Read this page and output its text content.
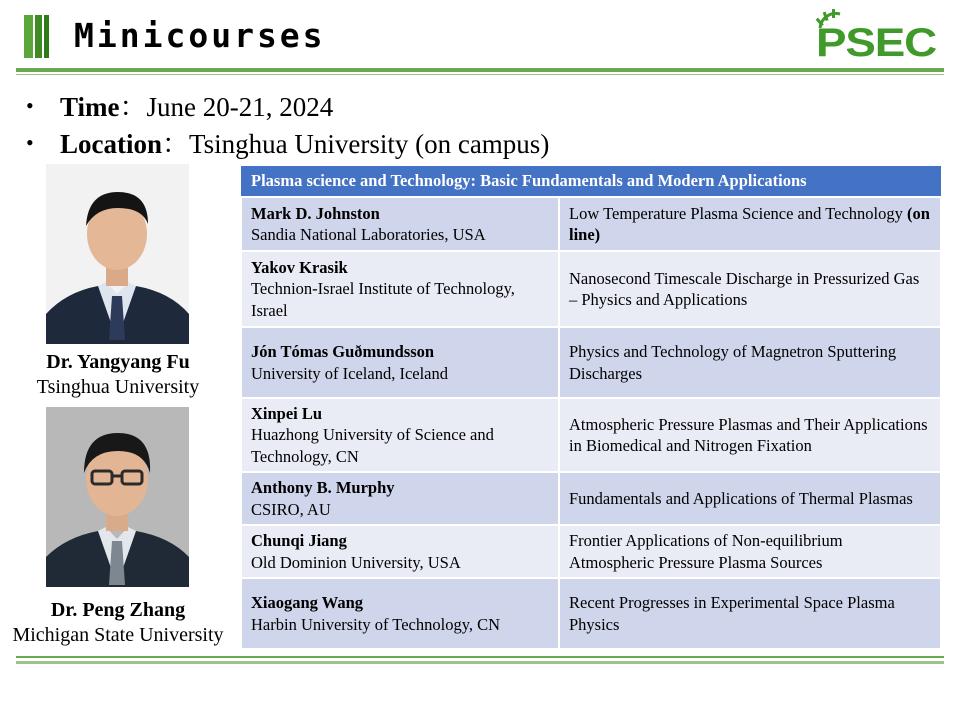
Minicourses	PSEC
• Time：June 20-21, 2024
• Location：Tsinghua University (on campus)
Dr. Yangyang Fu
Tsinghua University
Dr. Peng Zhang
Michigan State University
Plasma science and Technology: Basic Fundamentals and Modern Applications	
Mark D. Johnston
Sandia National Laboratories, USA	Low Temperature Plasma Science and Technology (on line)
Yakov Krasik
Technion-Israel Institute of Technology, Israel	Nanosecond Timescale Discharge in Pressurized Gas – Physics and Applications
Jón Tómas Guðmundsson
University of Iceland, Iceland	Physics and Technology of Magnetron Sputtering Discharges
Xinpei Lu
Huazhong University of Science and Technology, CN	Atmospheric Pressure Plasmas and Their Applications in Biomedical and Nitrogen Fixation
Anthony B. Murphy
CSIRO, AU	Fundamentals and Applications of Thermal Plasmas
Chunqi Jiang
Old Dominion University, USA	Frontier Applications of Non-equilibrium Atmospheric Pressure Plasma Sources
Xiaogang Wang
Harbin University of Technology, CN	Recent Progresses in Experimental Space Plasma Physics
